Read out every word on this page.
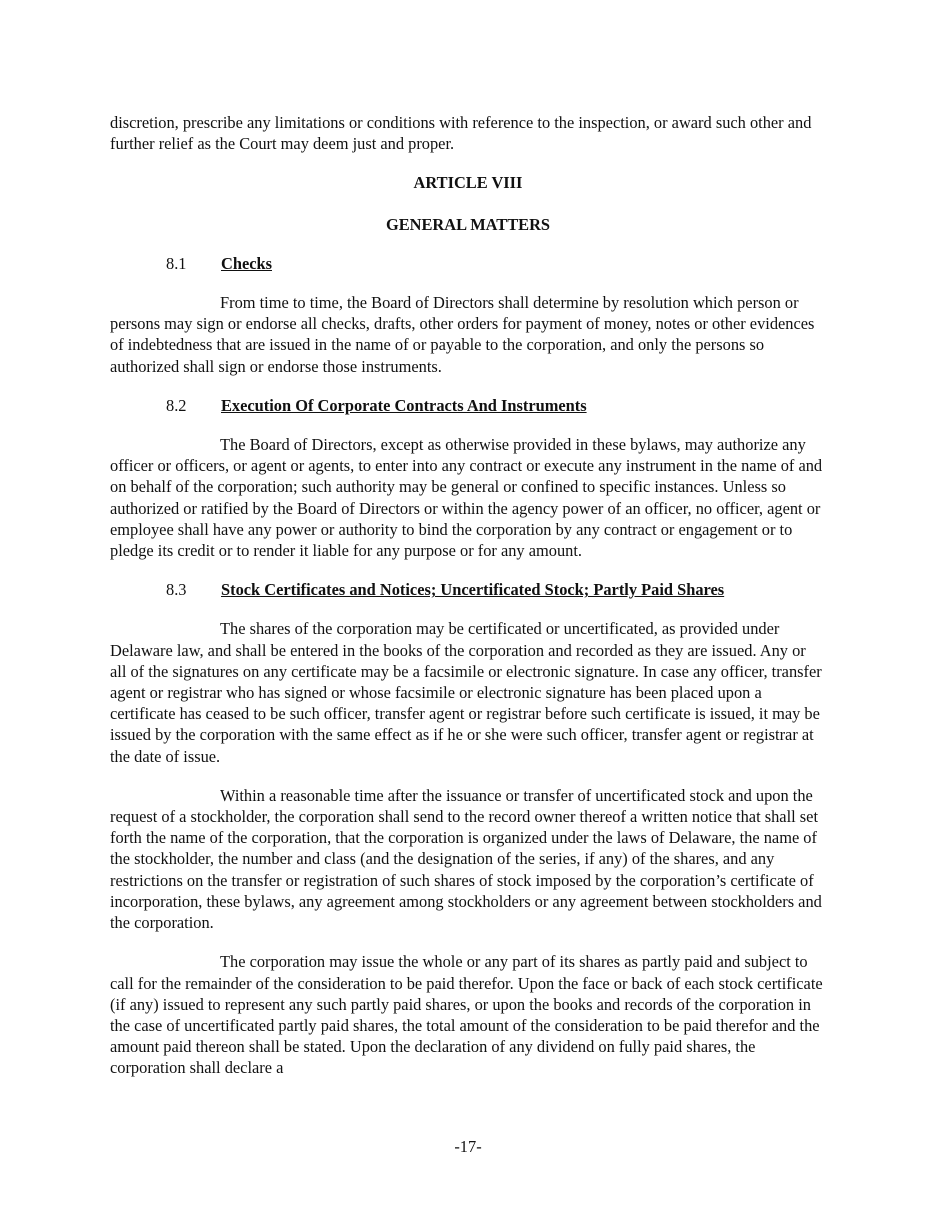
discretion, prescribe any limitations or conditions with reference to the inspection, or award such other and further relief as the Court may deem just and proper.

ARTICLE VIII

GENERAL MATTERS

8.1	Checks

From time to time, the Board of Directors shall determine by resolution which person or persons may sign or endorse all checks, drafts, other orders for payment of money, notes or other evidences of indebtedness that are issued in the name of or payable to the corporation, and only the persons so authorized shall sign or endorse those instruments.

8.2	Execution Of Corporate Contracts And Instruments

The Board of Directors, except as otherwise provided in these bylaws, may authorize any officer or officers, or agent or agents, to enter into any contract or execute any instrument in the name of and on behalf of the corporation; such authority may be general or confined to specific instances. Unless so authorized or ratified by the Board of Directors or within the agency power of an officer, no officer, agent or employee shall have any power or authority to bind the corporation by any contract or engagement or to pledge its credit or to render it liable for any purpose or for any amount.

8.3	Stock Certificates and Notices; Uncertificated Stock; Partly Paid Shares

The shares of the corporation may be certificated or uncertificated, as provided under Delaware law, and shall be entered in the books of the corporation and recorded as they are issued. Any or all of the signatures on any certificate may be a facsimile or electronic signature. In case any officer, transfer agent or registrar who has signed or whose facsimile or electronic signature has been placed upon a certificate has ceased to be such officer, transfer agent or registrar before such certificate is issued, it may be issued by the corporation with the same effect as if he or she were such officer, transfer agent or registrar at the date of issue.

Within a reasonable time after the issuance or transfer of uncertificated stock and upon the request of a stockholder, the corporation shall send to the record owner thereof a written notice that shall set forth the name of the corporation, that the corporation is organized under the laws of Delaware, the name of the stockholder, the number and class (and the designation of the series, if any) of the shares, and any restrictions on the transfer or registration of such shares of stock imposed by the corporation’s certificate of incorporation, these bylaws, any agreement among stockholders or any agreement between stockholders and the corporation.

The corporation may issue the whole or any part of its shares as partly paid and subject to call for the remainder of the consideration to be paid therefor. Upon the face or back of each stock certificate (if any) issued to represent any such partly paid shares, or upon the books and records of the corporation in the case of uncertificated partly paid shares, the total amount of the consideration to be paid therefor and the amount paid thereon shall be stated. Upon the declaration of any dividend on fully paid shares, the corporation shall declare a

-17-
